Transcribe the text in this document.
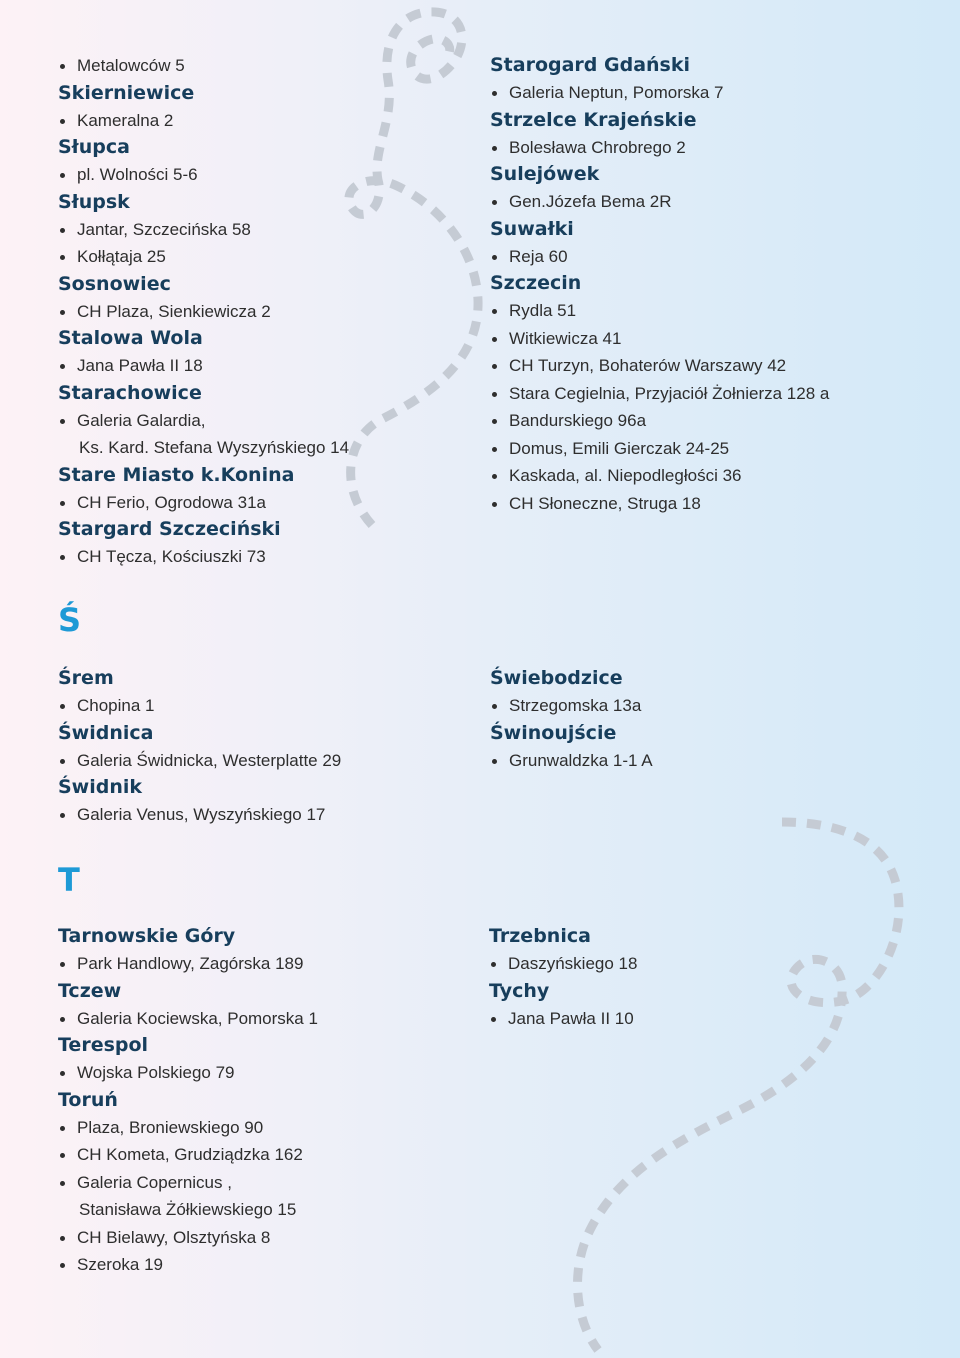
Metalowców 5
Skierniewice
Kameralna 2
Słupca
pl. Wolności 5-6
Słupsk
Jantar, Szczecińska 58
Kołłątaja 25
Sosnowiec
CH Plaza, Sienkiewicza 2
Stalowa Wola
Jana Pawła II 18
Starachowice
Galeria Galardia,
Ks. Kard. Stefana Wyszyńskiego 14
Stare Miasto k.Konina
CH Ferio, Ogrodowa 31a
Stargard Szczeciński
CH Tęcza, Kościuszki 73
Starogard Gdański
Galeria Neptun, Pomorska 7
Strzelce Krajeńskie
Bolesława Chrobrego 2
Sulejówek
Gen.Józefa Bema 2R
Suwałki
Reja 60
Szczecin
Rydla 51
Witkiewicza 41
CH Turzyn, Bohaterów Warszawy 42
Stara Cegielnia, Przyjaciół Żołnierza 128 a
Bandurskiego 96a
Domus, Emili Gierczak 24-25
Kaskada, al. Niepodległości 36
CH Słoneczne, Struga 18
Ś
Śrem
Chopina 1
Świdnica
Galeria Świdnicka, Westerplatte 29
Świdnik
Galeria Venus, Wyszyńskiego 17
Świebodzice
Strzegomska 13a
Świnoujście
Grunwaldzka 1-1 A
T
Tarnowskie Góry
Park Handlowy, Zagórska 189
Tczew
Galeria Kociewska, Pomorska 1
Terespol
Wojska Polskiego 79
Toruń
Plaza, Broniewskiego 90
CH Kometa, Grudziądzka 162
Galeria Copernicus ,
Stanisława Żółkiewskiego 15
CH Bielawy, Olsztyńska 8
Szeroka 19
Trzebnica
Daszyńskiego 18
Tychy
Jana Pawła II 10
